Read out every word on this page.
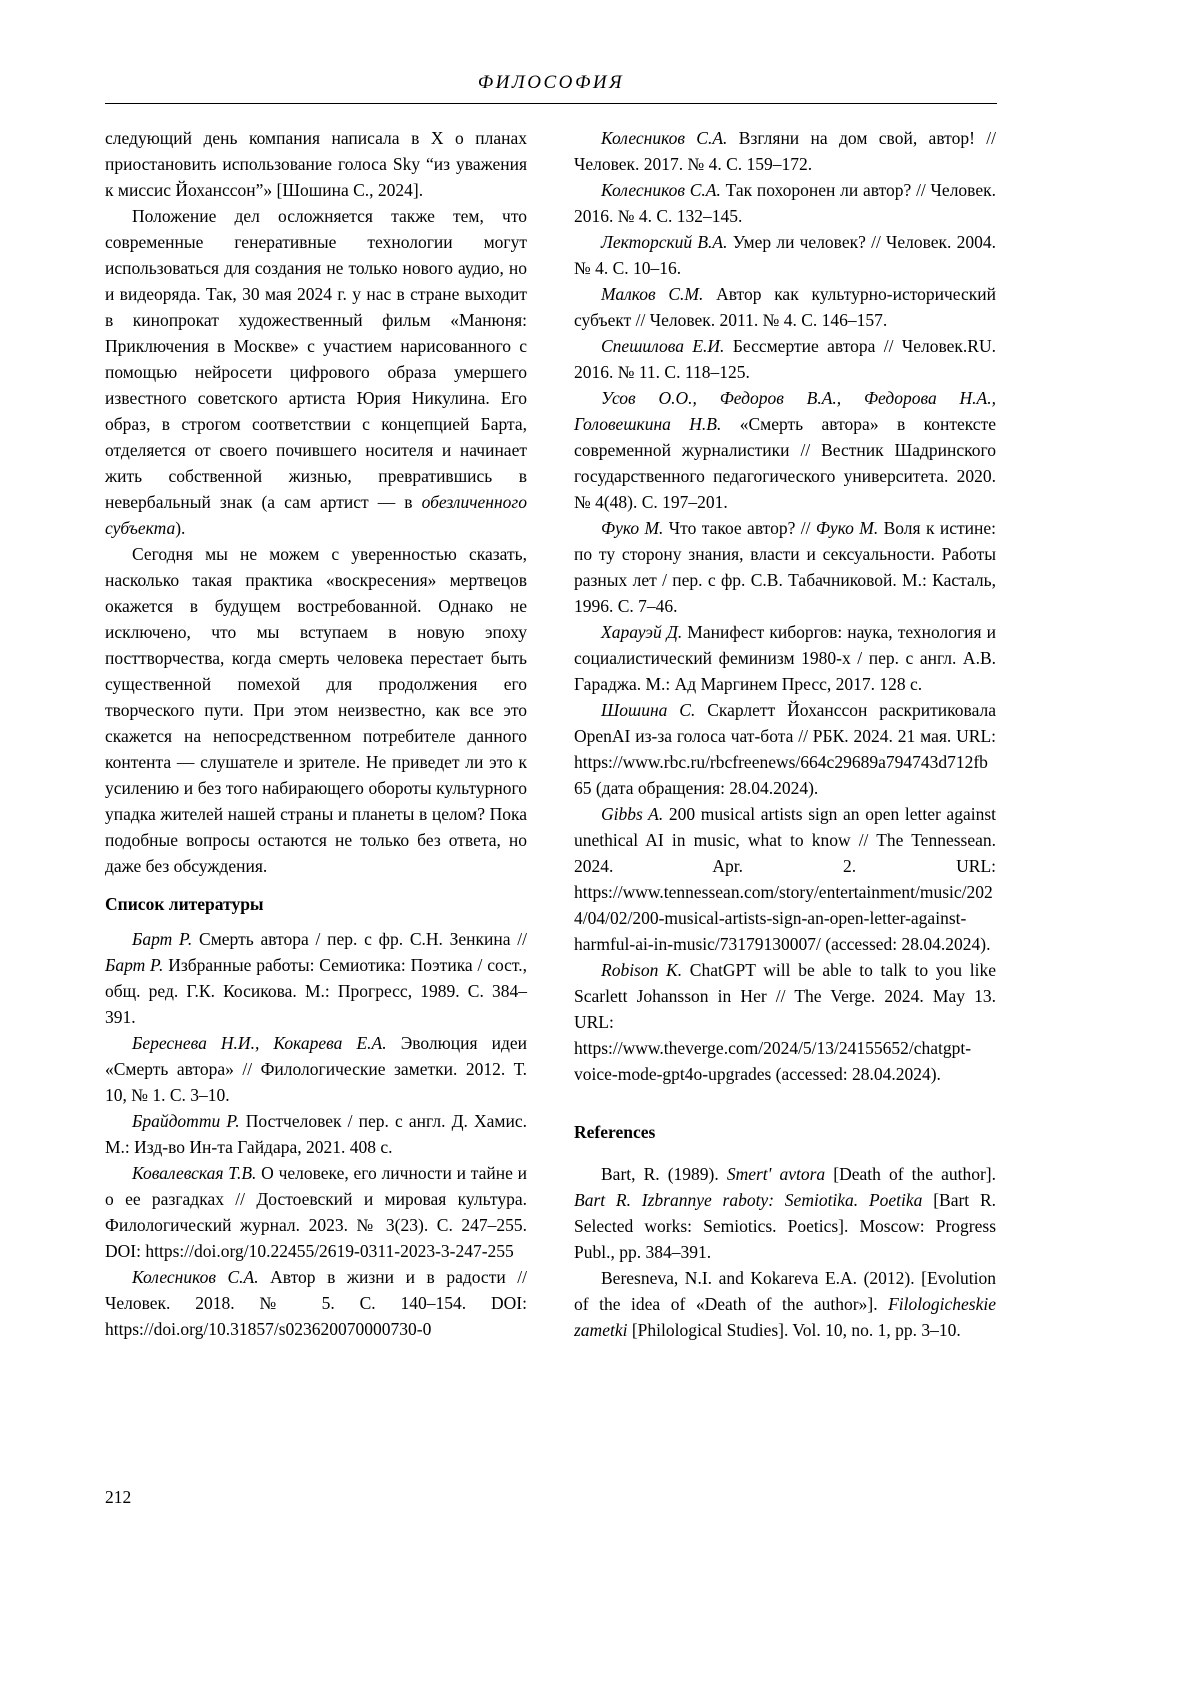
ФИЛОСОФИЯ

следующий день компания написала в X о планах приостановить использование голоса Sky “из уважения к миссис Йоханссон”» [Шошина С., 2024].

Положение дел осложняется также тем, что современные генеративные технологии могут использоваться для создания не только нового аудио, но и видеоряда. Так, 30 мая 2024 г. у нас в стране выходит в кинопрокат художественный фильм «Манюня: Приключения в Москве» с участием нарисованного с помощью нейросети цифрового образа умершего известного советского артиста Юрия Никулина. Его образ, в строгом соответствии с концепцией Барта, отделяется от своего почившего носителя и начинает жить собственной жизнью, превратившись в невербальный знак (а сам артист — в обезличенного субъекта).

Сегодня мы не можем с уверенностью сказать, насколько такая практика «воскресения» мертвецов окажется в будущем востребованной. Однако не исключено, что мы вступаем в новую эпоху посттворчества, когда смерть человека перестает быть существенной помехой для продолжения его творческого пути. При этом неизвестно, как все это скажется на непосредственном потребителе данного контента — слушателе и зрителе. Не приведет ли это к усилению и без того набирающего обороты культурного упадка жителей нашей страны и планеты в целом? Пока подобные вопросы остаются не только без ответа, но даже без обсуждения.

Список литературы

Барт Р. Смерть автора / пер. с фр. С.Н. Зенкина // Барт Р. Избранные работы: Семиотика: Поэтика / сост., общ. ред. Г.К. Косикова. М.: Прогресс, 1989. С. 384–391.

Береснева Н.И., Кокарева Е.А. Эволюция идеи «Смерть автора» // Филологические заметки. 2012. Т. 10, № 1. С. 3–10.

Брайдотти Р. Постчеловек / пер. с англ. Д. Хамис. М.: Изд-во Ин-та Гайдара, 2021. 408 с.

Ковалевская Т.В. О человеке, его личности и тайне и о ее разгадках // Достоевский и мировая культура. Филологический журнал. 2023. № 3(23). С. 247–255. DOI: https://doi.org/10.22455/2619-0311-2023-3-247-255

Колесников С.А. Автор в жизни и в радости // Человек. 2018. № 5. С. 140–154. DOI: https://doi.org/10.31857/s023620070000730-0

Колесников С.А. Взгляни на дом свой, автор! // Человек. 2017. № 4. С. 159–172.

Колесников С.А. Так похоронен ли автор? // Человек. 2016. № 4. С. 132–145.

Лекторский В.А. Умер ли человек? // Человек. 2004. № 4. С. 10–16.

Малков С.М. Автор как культурно-исторический субъект // Человек. 2011. № 4. С. 146–157.

Спешилова Е.И. Бессмертие автора // Человек.RU. 2016. № 11. С. 118–125.

Усов О.О., Федоров В.А., Федорова Н.А., Головешкина Н.В. «Смерть автора» в контексте современной журналистики // Вестник Шадринского государственного педагогического университета. 2020. № 4(48). С. 197–201.

Фуко М. Что такое автор? // Фуко М. Воля к истине: по ту сторону знания, власти и сексуальности. Работы разных лет / пер. с фр. С.В. Табачниковой. М.: Касталь, 1996. С. 7–46.

Харауэй Д. Манифест киборгов: наука, технология и социалистический феминизм 1980-х / пер. с англ. А.В. Гараджа. М.: Ад Маргинем Пресс, 2017. 128 с.

Шошина С. Скарлетт Йоханссон раскритиковала OpenAI из-за голоса чат-бота // РБК. 2024. 21 мая. URL: https://www.rbc.ru/rbcfreenews/664c29689a794743d712fb65 (дата обращения: 28.04.2024).

Gibbs A. 200 musical artists sign an open letter against unethical AI in music, what to know // The Tennessean. 2024. Apr. 2. URL: https://www.tennessean.com/story/entertainment/music/2024/04/02/200-musical-artists-sign-an-open-letter-against-harmful-ai-in-music/73179130007/ (accessed: 28.04.2024).

Robison K. ChatGPT will be able to talk to you like Scarlett Johansson in Her // The Verge. 2024. May 13. URL: https://www.theverge.com/2024/5/13/24155652/chatgpt-voice-mode-gpt4o-upgrades (accessed: 28.04.2024).

References

Bart, R. (1989). Smert' avtora [Death of the author]. Bart R. Izbrannye raboty: Semiotika. Poetika [Bart R. Selected works: Semiotics. Poetics]. Moscow: Progress Publ., pp. 384–391.

Beresneva, N.I. and Kokareva E.A. (2012). [Evolution of the idea of «Death of the author»]. Filologicheskie zametki [Philological Studies]. Vol. 10, no. 1, pp. 3–10.

212
